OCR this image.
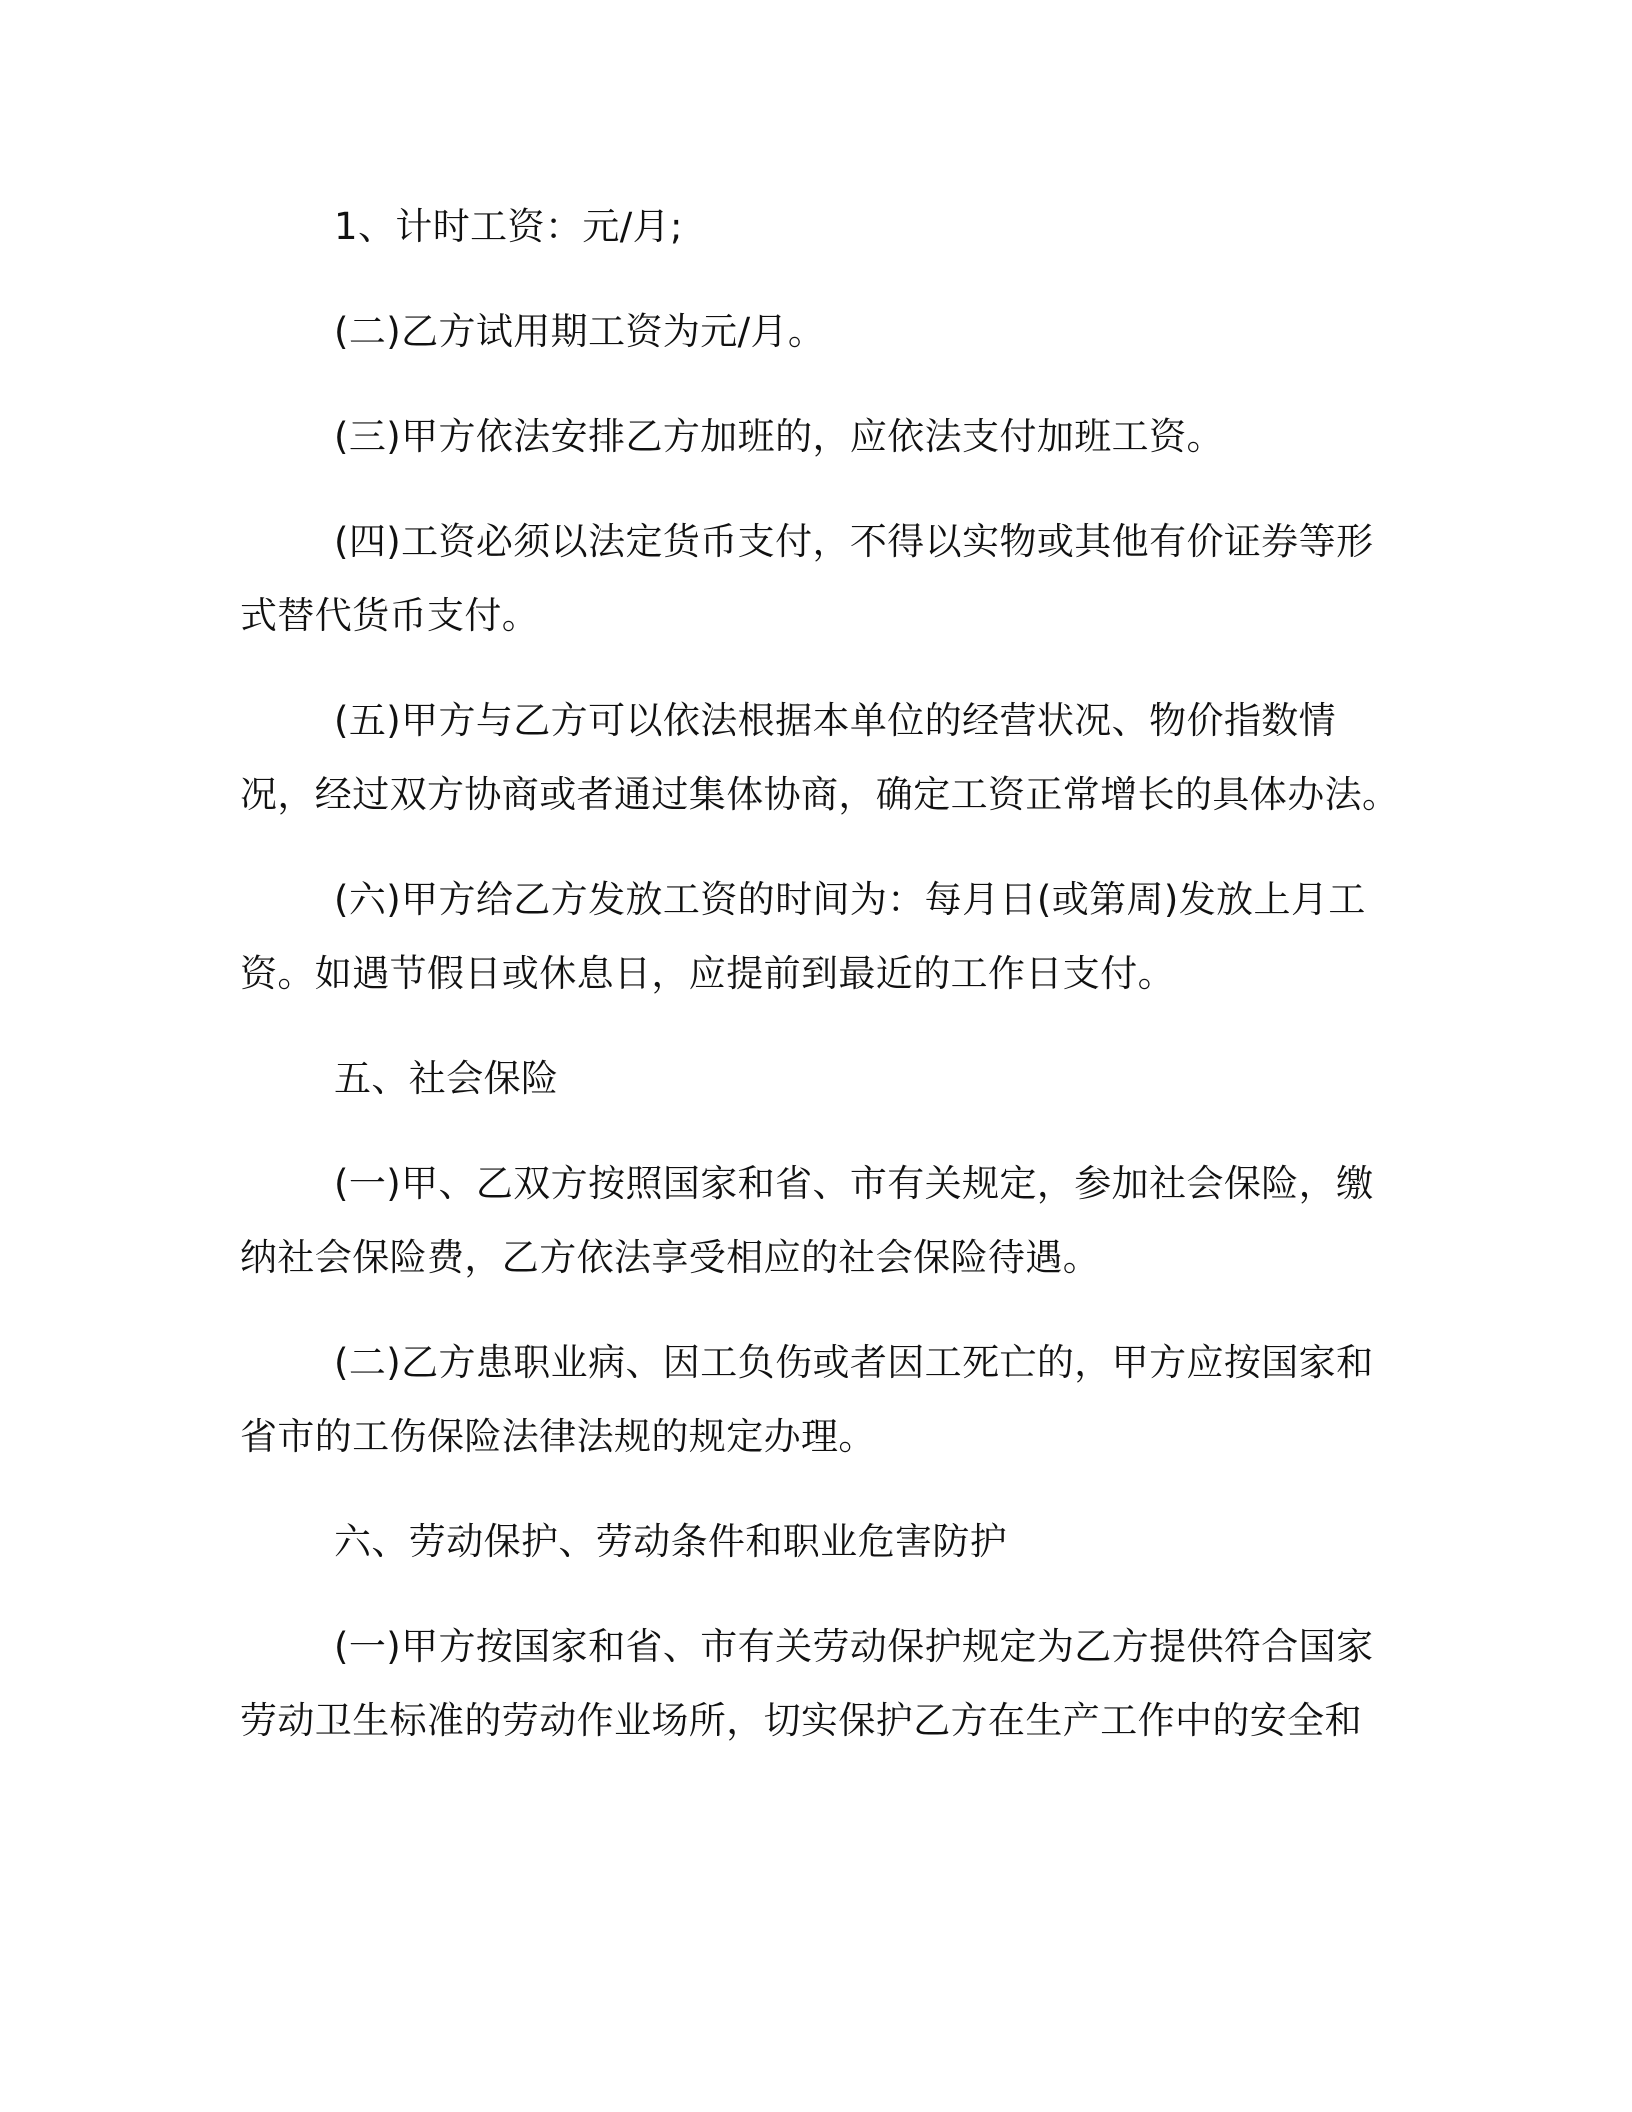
1、计时工资：元/月;

(二)乙方试用期工资为元/月。

(三)甲方依法安排乙方加班的，应依法支付加班工资。

(四)工资必须以法定货币支付，不得以实物或其他有价证券等形式替代货币支付。

(五)甲方与乙方可以依法根据本单位的经营状况、物价指数情况，经过双方协商或者通过集体协商，确定工资正常增长的具体办法。

(六)甲方给乙方发放工资的时间为：每月日(或第周)发放上月工资。如遇节假日或休息日，应提前到最近的工作日支付。

五、社会保险

(一)甲、乙双方按照国家和省、市有关规定，参加社会保险，缴纳社会保险费，乙方依法享受相应的社会保险待遇。

(二)乙方患职业病、因工负伤或者因工死亡的，甲方应按国家和省市的工伤保险法律法规的规定办理。

六、劳动保护、劳动条件和职业危害防护

(一)甲方按国家和省、市有关劳动保护规定为乙方提供符合国家劳动卫生标准的劳动作业场所，切实保护乙方在生产工作中的安全和
